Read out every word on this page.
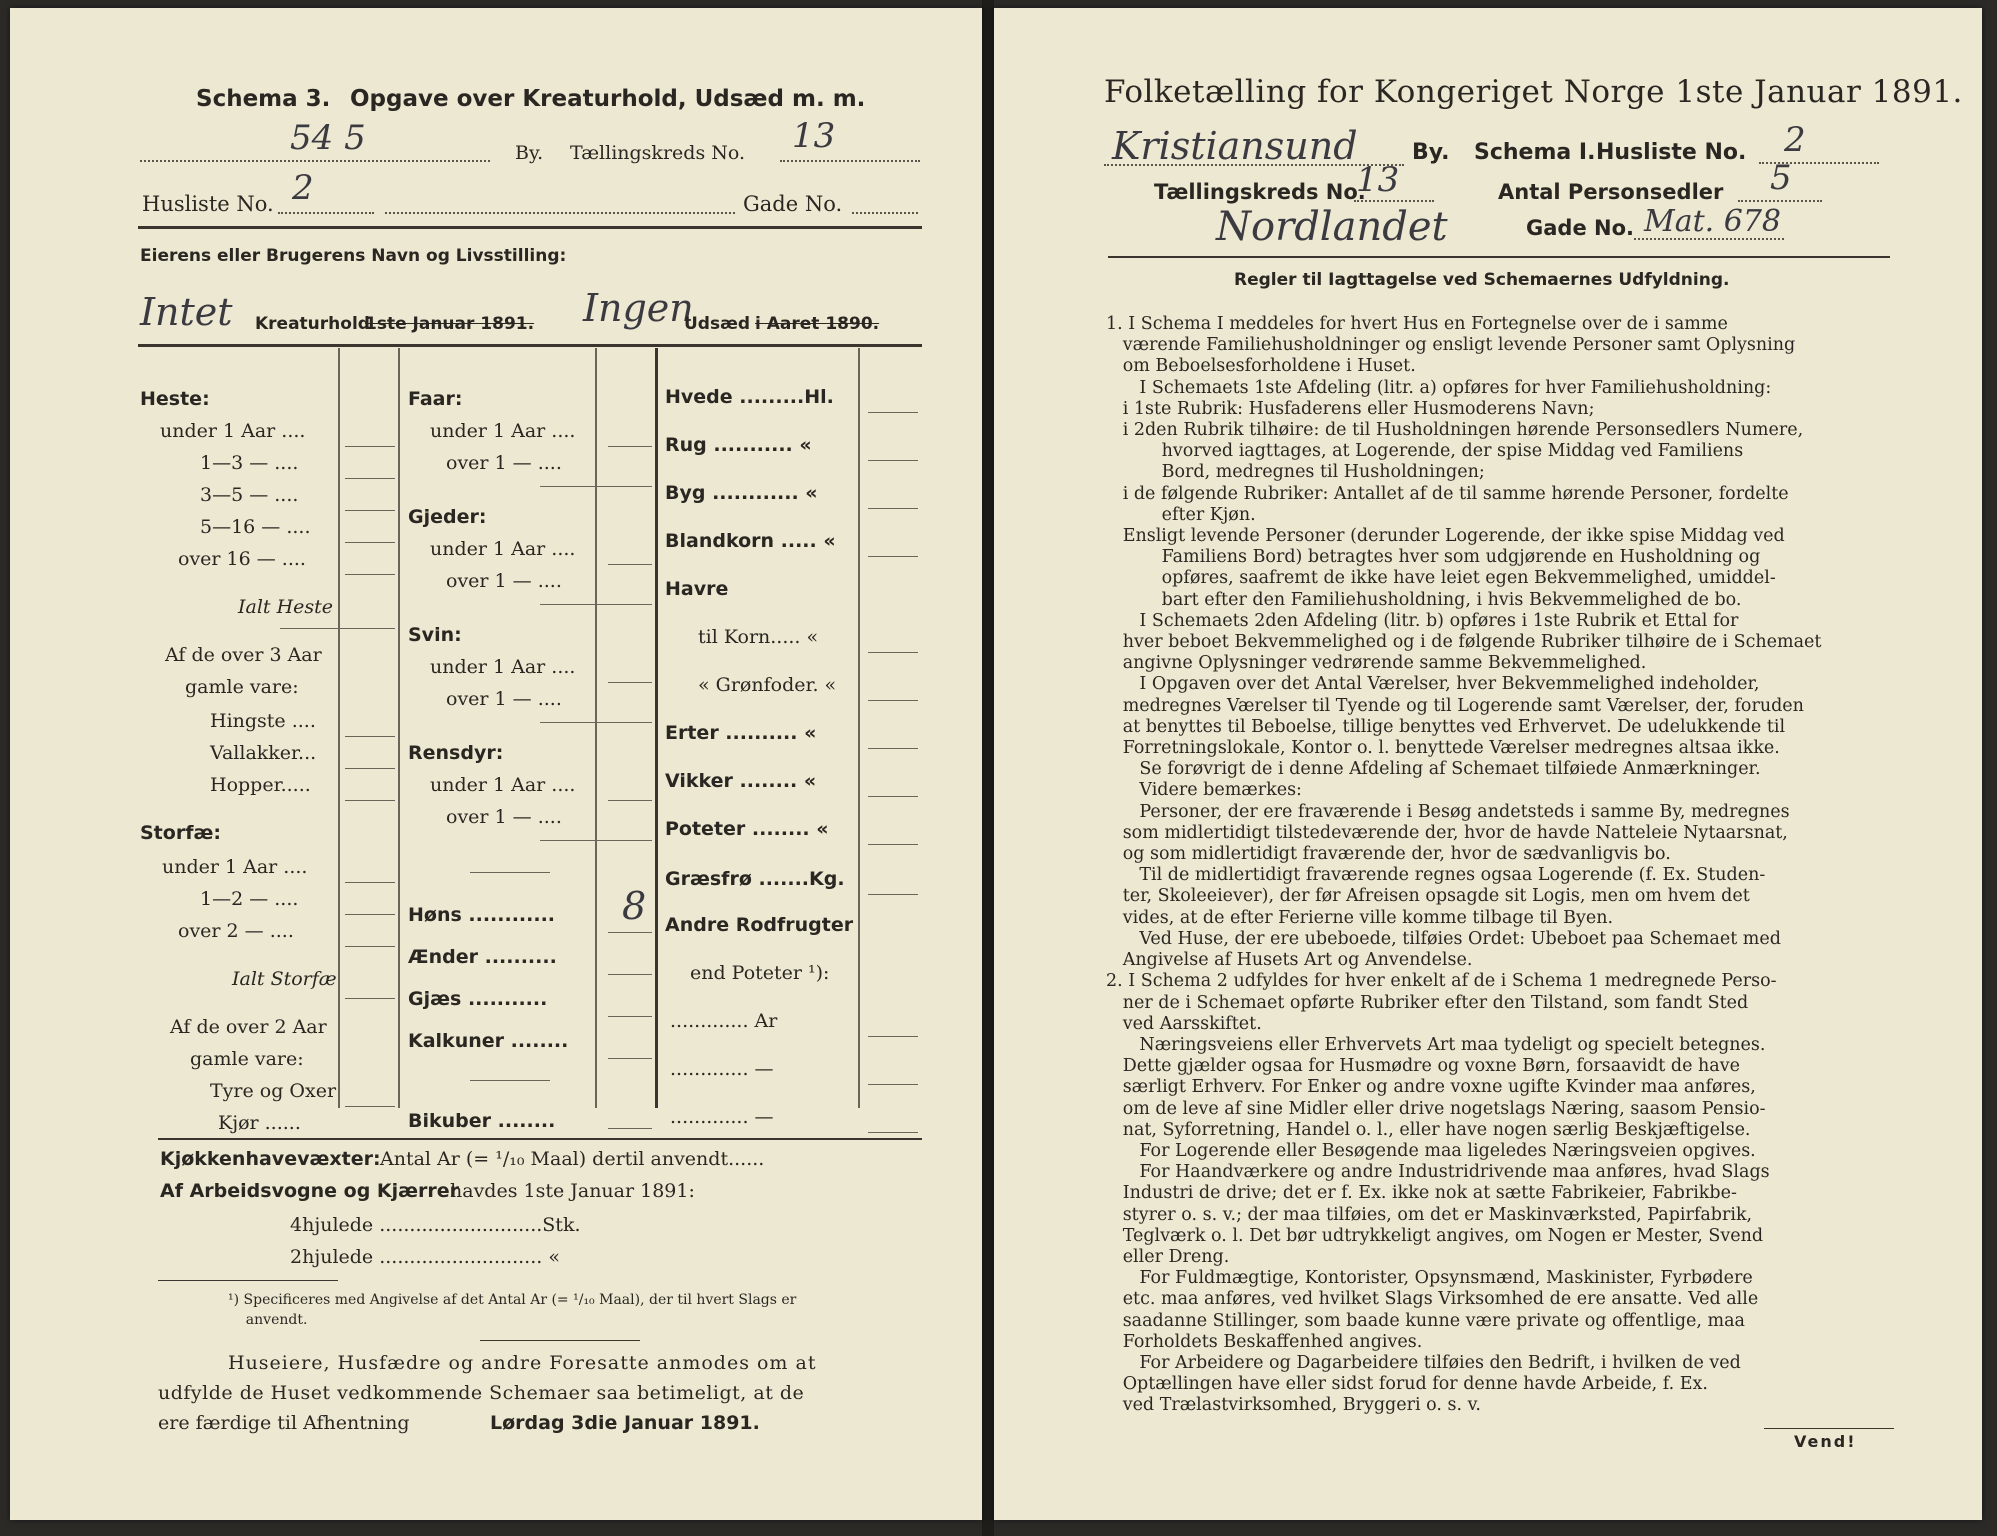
Schema 3. Opgave over Kreaturhold, Udsæd m. m.
54 5	By. Tællingskreds No. 13
Husliste No. 2	Gade No.
Eierens eller Brugerens Navn og Livsstilling:
Intet Kreaturhold
1ste Januar 1891. Ingen
Udsæd i Aaret 1890.
Heste:
under 1 Aar ....
1—3 — ....
3—5 — ....
5—16 — ....
over 16 — ....
Ialt Heste
Af de over 3 Aar
gamle vare:
Hingste ....
Vallakker...
Hopper.....
Storfæ:
under 1 Aar ....
1—2 — ....
over 2 — ....
Ialt Storfæ
Af de over 2 Aar
gamle vare:
Tyre og Oxer
Kjør ......
Faar:
under 1 Aar ....
over 1 — ....
Gjeder:
under 1 Aar ....
over 1 — ....
Svin:
under 1 Aar ....
over 1 — ....
Rensdyr:
under 1 Aar ....
over 1 — ....
Høns ............ 8
Ænder ..........
Gjæs ...........
Kalkuner ........
Bikuber ........
Hvede .........Hl.
Rug ........... «
Byg ............ «
Blandkorn ..... «
Havre
til Korn..... «
« Grønfoder. «
Erter .......... «
Vikker ........ «
Poteter ........ «
Græsfrø .......Kg.
Andre Rodfrugter
end Poteter ¹):
............. Ar
............. —
............. —
Kjøkkenhavevæxter: Antal Ar (= ¹/₁₀ Maal) dertil anvendt......
Af Arbeidsvogne og Kjærrer
havdes 1ste Januar 1891:
4hjulede ...........................Stk.
2hjulede ........................... «
¹) Specificeres med Angivelse af det Antal Ar (= ¹/₁₀ Maal), der til hvert Slags er
anvendt.
Huseiere, Husfædre og andre Foresatte anmodes om at
udfylde de Huset vedkommende Schemaer saa betimeligt, at de
ere færdige til Afhentning	Lørdag 3die Januar 1891.
Folketælling for Kongeriget Norge 1ste Januar 1891.
Kristiansund By. Schema I. Husliste No. 2
Tællingskreds No.
13	Antal Personsedler 5
Nordlandet	Gade No. Mat. 678
Regler til Iagttagelse ved Schemaernes Udfyldning.
1. I Schema I meddeles for hvert Hus en Fortegnelse over de i samme
værende Familiehusholdninger og ensligt levende Personer samt Oplysning
om Beboelsesforholdene i Huset.
I Schemaets 1ste Afdeling (litr. a) opføres for hver Familiehusholdning:
i 1ste Rubrik: Husfaderens eller Husmoderens Navn;
i 2den Rubrik tilhøire: de til Husholdningen hørende Personsedlers Numere,
hvorved iagttages, at Logerende, der spise Middag ved Familiens
Bord, medregnes til Husholdningen;
i de følgende Rubriker: Antallet af de til samme hørende Personer, fordelte
efter Kjøn.
Ensligt levende Personer (derunder Logerende, der ikke spise Middag ved
Familiens Bord) betragtes hver som udgjørende en Husholdning og
opføres, saafremt de ikke have leiet egen Bekvemmelighed, umiddel-
bart efter den Familiehusholdning, i hvis Bekvemmelighed de bo.
I Schemaets 2den Afdeling (litr. b) opføres i 1ste Rubrik et Ettal for
hver beboet Bekvemmelighed og i de følgende Rubriker tilhøire de i Schemaet
angivne Oplysninger vedrørende samme Bekvemmelighed.
I Opgaven over det Antal Værelser, hver Bekvemmelighed indeholder,
medregnes Værelser til Tyende og til Logerende samt Værelser, der, foruden
at benyttes til Beboelse, tillige benyttes ved Erhvervet. De udelukkende til
Forretningslokale, Kontor o. l. benyttede Værelser medregnes altsaa ikke.
Se forøvrigt de i denne Afdeling af Schemaet tilføiede Anmærkninger.
Videre bemærkes:
Personer, der ere fraværende i Besøg andetsteds i samme By, medregnes
som midlertidigt tilstedeværende der, hvor de havde Natteleie Nytaarsnat,
og som midlertidigt fraværende der, hvor de sædvanligvis bo.
Til de midlertidigt fraværende regnes ogsaa Logerende (f. Ex. Studen-
ter, Skoleeiever), der før Afreisen opsagde sit Logis, men om hvem det
vides, at de efter Ferierne ville komme tilbage til Byen.
Ved Huse, der ere ubeboede, tilføies Ordet: Ubeboet paa Schemaet med
Angivelse af Husets Art og Anvendelse.
2. I Schema 2 udfyldes for hver enkelt af de i Schema 1 medregnede Perso-
ner de i Schemaet opførte Rubriker efter den Tilstand, som fandt Sted
ved Aarsskiftet.
Næringsveiens eller Erhvervets Art maa tydeligt og specielt betegnes.
Dette gjælder ogsaa for Husmødre og voxne Børn, forsaavidt de have
særligt Erhverv. For Enker og andre voxne ugifte Kvinder maa anføres,
om de leve af sine Midler eller drive nogetslags Næring, saasom Pensio-
nat, Syforretning, Handel o. l., eller have nogen særlig Beskjæftigelse.
For Logerende eller Besøgende maa ligeledes Næringsveien opgives.
For Haandværkere og andre Industridrivende maa anføres, hvad Slags
Industri de drive; det er f. Ex. ikke nok at sætte Fabrikeier, Fabrikbe-
styrer o. s. v.; der maa tilføies, om det er Maskinværksted, Papirfabrik,
Teglværk o. l. Det bør udtrykkeligt angives, om Nogen er Mester, Svend
eller Dreng.
For Fuldmægtige, Kontorister, Opsynsmænd, Maskinister, Fyrbødere
etc. maa anføres, ved hvilket Slags Virksomhed de ere ansatte. Ved alle
saadanne Stillinger, som baade kunne være private og offentlige, maa
Forholdets Beskaffenhed angives.
For Arbeidere og Dagarbeidere tilføies den Bedrift, i hvilken de ved
Optællingen have eller sidst forud for denne havde Arbeide, f. Ex.
ved Trælastvirksomhed, Bryggeri o. s. v.
Vend!
